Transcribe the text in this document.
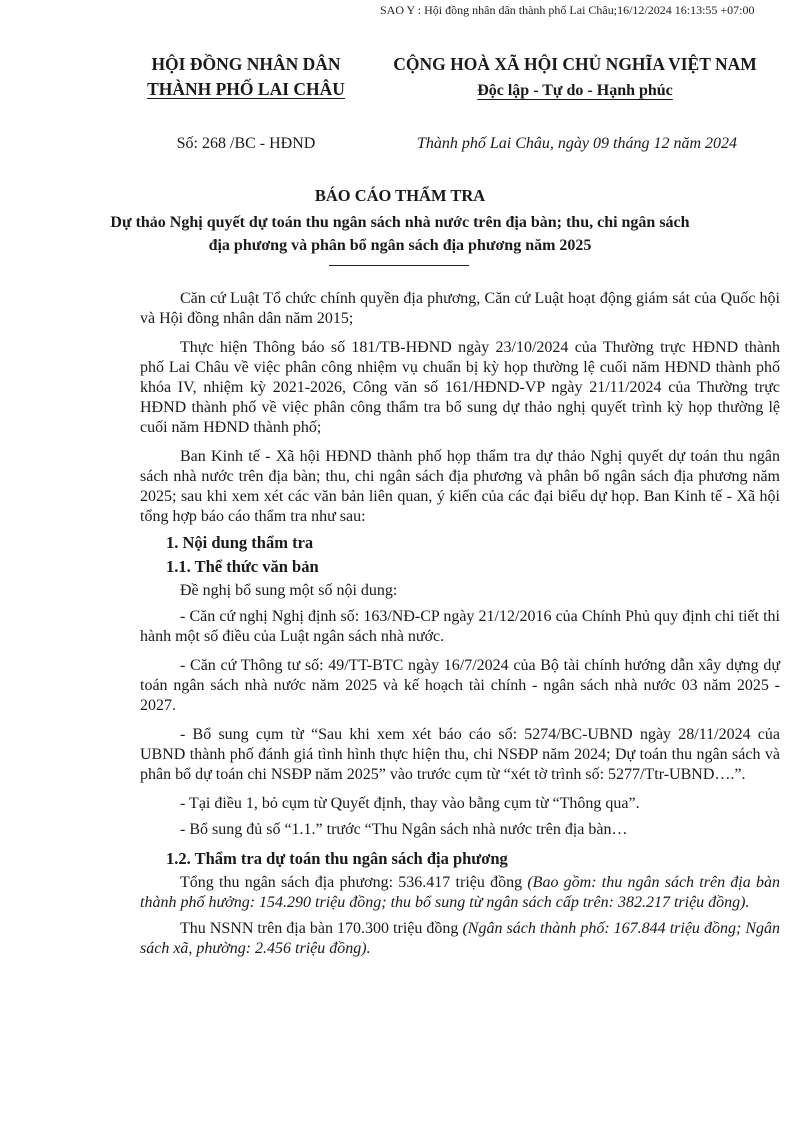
SAO Y : Hội đồng nhân dân thành phố Lai Châu;16/12/2024 16:13:55 +07:00
HỘI ĐỒNG NHÂN DÂN
THÀNH PHỐ LAI CHÂU
CỘNG HOÀ XÃ HỘI CHỦ NGHĨA VIỆT NAM
Độc lập - Tự do - Hạnh phúc
Số: 268 /BC - HĐND	Thành phố Lai Châu, ngày 09 tháng 12 năm 2024
BÁO CÁO THẨM TRA
Dự thảo Nghị quyết dự toán thu ngân sách nhà nước trên địa bàn; thu, chi ngân sách địa phương và phân bổ ngân sách địa phương năm 2025

Căn cứ Luật Tổ chức chính quyền địa phương, Căn cứ Luật hoạt động giám sát của Quốc hội và Hội đồng nhân dân năm 2015;

Thực hiện Thông báo số 181/TB-HĐND ngày 23/10/2024 của Thường trực HĐND thành phố Lai Châu về việc phân công nhiệm vụ chuẩn bị kỳ họp thường lệ cuối năm HĐND thành phố khóa IV, nhiệm kỳ 2021-2026, Công văn số 161/HĐND-VP ngày 21/11/2024 của Thường trực HĐND thành phố về việc phân công thẩm tra bổ sung dự thảo nghị quyết trình kỳ họp thường lệ cuối năm HĐND thành phố;

Ban Kinh tế - Xã hội HĐND thành phố họp thẩm tra dự thảo Nghị quyết dự toán thu ngân sách nhà nước trên địa bàn; thu, chi ngân sách địa phương và phân bổ ngân sách địa phương năm 2025; sau khi xem xét các văn bản liên quan, ý kiến của các đại biểu dự họp. Ban Kinh tế - Xã hội tổng hợp báo cáo thẩm tra như sau:

1. Nội dung thẩm tra

1.1. Thể thức văn bản

Đề nghị bổ sung một số nội dung:

- Căn cứ nghị Nghị định số: 163/NĐ-CP ngày 21/12/2016 của Chính Phủ quy định chi tiết thi hành một số điều của Luật ngân sách nhà nước.

- Căn cứ Thông tư số: 49/TT-BTC ngày 16/7/2024 của Bộ tài chính hướng dẫn xây dựng dự toán ngân sách nhà nước năm 2025 và kế hoạch tài chính - ngân sách nhà nước 03 năm 2025 - 2027.

- Bổ sung cụm từ “Sau khi xem xét báo cáo số: 5274/BC-UBND ngày 28/11/2024 của UBND thành phố đánh giá tình hình thực hiện thu, chi NSĐP năm 2024; Dự toán thu ngân sách và phân bổ dự toán chi NSĐP năm 2025” vào trước cụm từ “xét tờ trình số: 5277/Ttr-UBND….”.

- Tại điều 1, bỏ cụm từ Quyết định, thay vào bằng cụm từ “Thông qua”.

- Bổ sung đủ số “1.1.” trước “Thu Ngân sách nhà nước trên địa bàn…

1.2. Thẩm tra dự toán thu ngân sách địa phương

Tổng thu ngân sách địa phương: 536.417 triệu đồng (Bao gồm: thu ngân sách trên địa bàn thành phố hưởng: 154.290 triệu đồng; thu bổ sung từ ngân sách cấp trên: 382.217 triệu đồng).

Thu NSNN trên địa bàn 170.300 triệu đồng (Ngân sách thành phố: 167.844 triệu đồng; Ngân sách xã, phường: 2.456 triệu đồng).
